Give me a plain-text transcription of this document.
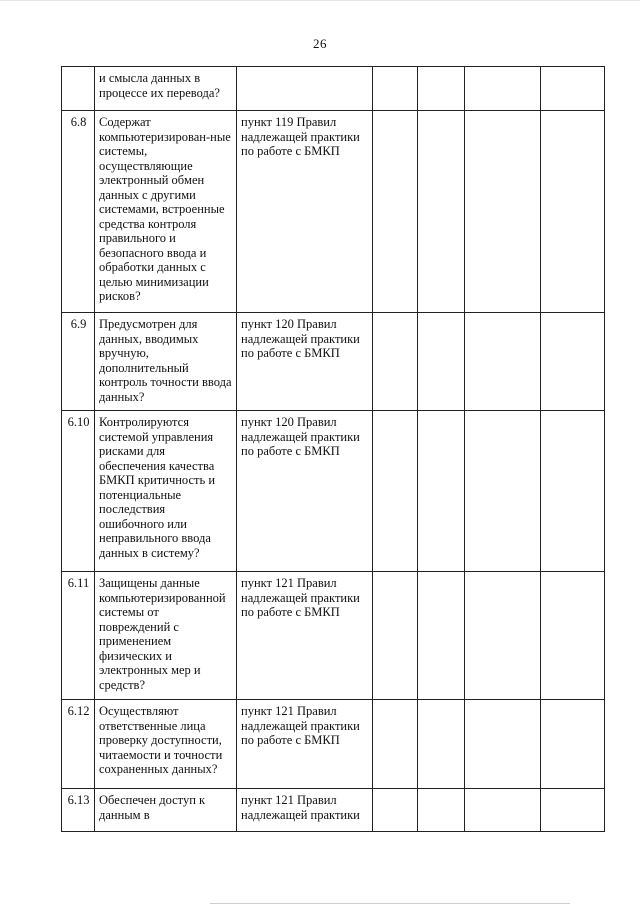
26
	и смысла данных в процессе их перевода?					
6.8	Содержат компьютеризирован-ные системы, осуществляющие электронный обмен данных с другими системами, встроенные средства контроля правильного и безопасного ввода и обработки данных с целью минимизации рисков?	пункт 119 Правил надлежащей практики по работе с БМКП				
6.9	Предусмотрен для данных, вводимых вручную, дополнительный контроль точности ввода данных?	пункт 120 Правил надлежащей практики по работе с БМКП				
6.10	Контролируются системой управления рисками для обеспечения качества БМКП критичность и потенциальные последствия ошибочного или неправильного ввода данных в систему?	пункт 120 Правил надлежащей практики по работе с БМКП				
6.11	Защищены данные компьютеризированной системы от повреждений с применением физических и электронных мер и средств?	пункт 121 Правил надлежащей практики по работе с БМКП				
6.12	Осуществляют ответственные лица проверку доступности, читаемости и точности сохраненных данных?	пункт 121 Правил надлежащей практики по работе с БМКП				
6.13	Обеспечен доступ к данным в	пункт 121 Правил надлежащей практики				
